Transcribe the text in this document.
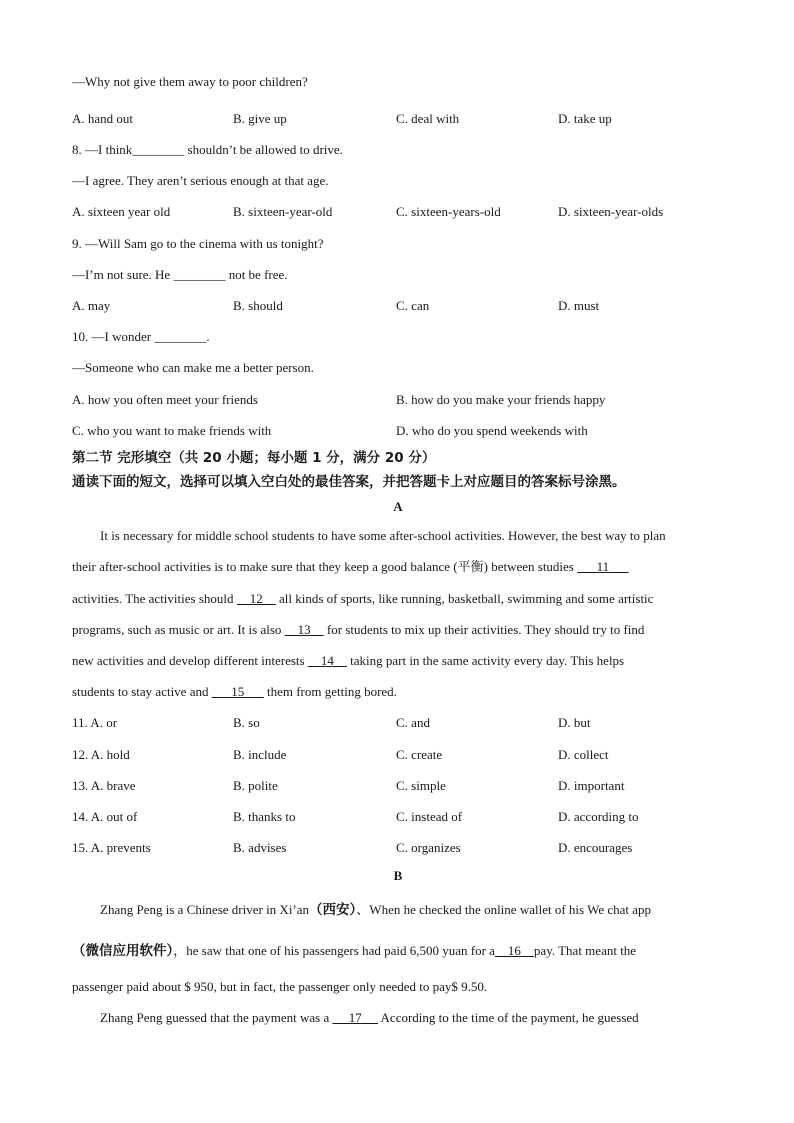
—Why not give them away to poor children?
A. hand out	B. give up	C. deal with	D. take up
8. —I think________ shouldn’t be allowed to drive.
—I agree. They aren’t serious enough at that age.
A. sixteen year old	B. sixteen-year-old	C. sixteen-years-old	D. sixteen-year-olds
9. —Will Sam go to the cinema with us tonight?
—I’m not sure. He ________ not be free.
A. may	B. should	C. can	D. must
10. —I wonder ________.
—Someone who can make me a better person.
A. how you often meet your friends	B. how do you make your friends happy
C. who you want to make friends with	D. who do you spend weekends with
第二节 完形填空（共 20 小题；每小题 1 分，满分 20 分）
通读下面的短文，选择可以填入空白处的最佳答案，并把答题卡上对应题目的答案标号涂黑。
A
It is necessary for middle school students to have some after-school activities. However, the best way to plan
their after-school activities is to make sure that they keep a good balance (平衡) between studies       11
activities. The activities should     12     all kinds of sports, like running, basketball, swimming and some artistic
programs, such as music or art. It is also     13     for students to mix up their activities. They should try to find
new activities and develop different interests     14     taking part in the same activity every day. This helps
students to stay active and       15       them from getting bored.
11. A. or	B. so	C. and	D. but
12. A. hold	B. include	C. create	D. collect
13. A. brave	B. polite	C. simple	D. important
14. A. out of	B. thanks to	C. instead of	D. according to
15. A. prevents	B. advises	C. organizes	D. encourages
B
Zhang Peng is a Chinese driver in Xi’an（西安）、When he checked the online wallet of his We chat app
（微信应用软件），he saw that one of his passengers had paid 6,500 yuan for a 16 pay. That meant the
passenger paid about $ 950, but in fact, the passenger only needed to pay$ 9.50.
Zhang Peng guessed that the payment was a      17      According to the time of the payment, he guessed
